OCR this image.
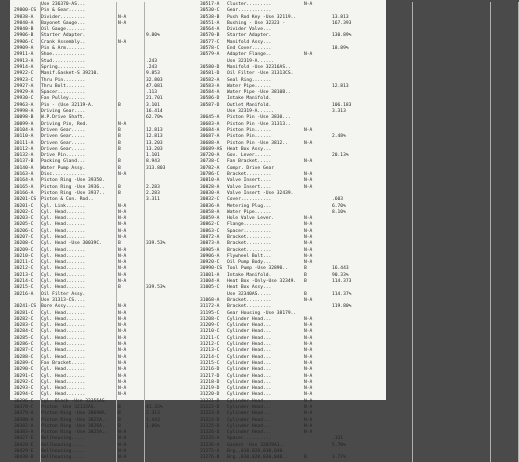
Use 236370-AS...
29800-CS Pin & Gear......
29838-A Divider.........	N-A
29840-A Bayonet Gauge...	N-A
29840-B Oil Gauge.......
29906-B Starter Adapter.	9.80%
29906-C Crank Assembly..	N-A
29909-A Pin & Arm.......
29911-A Shoe............
29913-A Stud............	.243
29914-A Spring..........	.243
29922-C Manif.Gasket-S 39210.	9.853
29923-C Thru Pin........	32.803
29927-A Thru Bolt.......	47.081
29929-A Spacer..........	.113
29930-C Fan Pulley......	21.701
29963-A Pin - (Use 32119-A.	B	3.101
29998-A Driving Gear....	16.414
30098-B W.P.Drive Shaft.	62.70%
30099-A Driving Pin, Red.	N-A
30104-A Driven Gear.....	B	12.813
30110-A Driven Gear.....	B	12.813
30111-A Driven Gear.....	B	13.203
30112-A Driven Gear.....	B	13.203
30132-A Drive Pin.......	1.101
30137-B Packing Gland...	B	8.943
30140-A Water Pump Assy.	B	313.803
30163-A Disc............	N-A
30164-A Piston Ring -Use 39350.
30165-A Piston Ring -Use 3936..	B	2.283
30166-A Piston Ring -Use 3937..	B	2.283
30201-CS Piston & Con. Rod..	3.311
30201-C Cyl. Link.......	N-A
30202-C Cyl. Head.......	N-A
30203-C Cyl. Head.......	N-A
30205-C Cyl. Head.......	N-A
30206-C Cyl. Head.......	N-A
30207-C Cyl. Head.......	N-A
30208-C Cyl. Head -Use 30039C.	B	339.53%
30209-C Cyl. Head.......	N-A
30210-C Cyl. Head.......	N-A
30211-C Cyl. Head.......	N-A
30212-C Cyl. Head.......	N-A
30213-C Cyl. Head.......	N-A
30214-C Cyl. Head.......	N-A
30215-C Cyl. Head.......	B	339.53%
30216-A Oil Filter Assy.
Use 31313-CS....
30241-CS Bore Assy.......	N-A
30281-C Cyl. Head.......	N-A
30282-C Cyl. Head.......	N-A
30283-C Cyl. Head.......	N-A
30284-C Cyl. Head.......	N-A
30285-C Cyl. Head.......	N-A
30286-C Cyl. Head.......	N-A
30287-C Cyl. Head.......	N-A
30288-C Cyl. Head.......	N-A
30289-C Fan Bracket.....	N-A
30290-C Cyl. Head.......	N-A
30291-C Cyl. Head.......	N-A
30292-C Cyl. Head.......	N-A
30293-C Cyl. Head.......	N-A
30294-C Cyl. Head.......	N-A
30296-C Cyl. Block -Use 32355AS.
30378-C Piston -Use 32132AS.	B	41.32%
30379-A Piston Ring -Use 38690A. B	2.313
30380-A Piston Ring -Use 3825A.. B	1.443
30382-A Piston Ring -Use 3826A.. B	1.06%
30383-A Piston Ring -Use 3825A.. N-A
30427-E Bellhousing.....	N-A
30428-E Bellhousing.....	N-A
30429-E Bellhousing.....	N-A
30430-D Bellhousing.....	N-A
30517-A Cluster.........	N-A
30530-C Gear............
30538-B Push Rod Key -Use 32119..	13.813
30551-A Bushing - Use 32323 -	167.393
30564-A Divider Valve...
30570-B Starter Adapter.	130.89%
30577-C Manifold Assy...
30578-C End Cover.......	18.89%
30579-A Adapter Flange..	N-A
Use 32319-A......
30580-D Manifold -Use 32316AS..
30581-D Oil Filter -Use 31313CS.
30582-A Seal Ring.......
30583-A Water Pipe......	12.813
30584-A Water Pipe -Use 3810B..
30586-D Intake Manifold.
30587-D Outlet Manifold.	106.183
Use 32319-A......	3.313
30645-A Piston Pin -Use 3830...
30683-A Piston Pin -Use 31313..
30684-A Piston Pin......	N-A
30687-A Piston Pin......	2.48%
30688-A Piston Pin -Use 3812..	N-A
30689-AS Heat Box Assy...
30720-A Gov. Lever......	20.13%
30738-C Fan Bracket.....	N-A
30782-A Compr. Drive Gear
30786-C Bracket.........	N-A
30810-A Valve Insert....	N-A
30828-A Valve Insert....	N-A
30830-A Valve Insert -Use 32439.
30832-C Cover...........	.603
30836-A Metering Plug...	6.70%
30858-A Water Pipe......	8.10%
30859-A Hole Valve Lever.	N-A
30862-C Flange..........	N-A
30863-C Spacer..........	N-A
30872-A Bracket.........	N-A
30873-A Bracket.........	N-A
30905-A Bracket.........	N-A
30906-A Flywheel Bolt...	N-A
30920-C Oil Pump Body...	N-A
30990-CS Tool Pump -Use 32890..	B	16.443
31001-A Intake Manifold.	B	90.33%
31004-A Heat Box -Only-Use 32349. B	114.373
31005-C Heat Box Assy...
Use 32340AS.....	B	114.37%
31068-A Bracket.........	N-A
31172-A Bracket.........	119.80%
31195-C Gear Housing -Use 38179..
31208-C Cylinder Head...	N-A
31209-C Cylinder Head...	N-A
31210-C Cylinder Head...	N-A
31211-C Cylinder Head...	N-A
31212-C Cylinder Head...	N-A
31213-C Cylinder Head...	N-A
31214-C Cylinder Head...	N-A
31215-C Cylinder Head...	N-A
31216-D Cylinder Head...	N-A
31217-D Cylinder Head...	N-A
31218-D Cylinder Head...	N-A
31219-D Cylinder Head...	N-A
31220-D Cylinder Head...	N-A
31221-D Cylinder Head...	N-A
31222-D Cylinder Head...	N-A
31223-D Cylinder Head...	N-A
31224-D Cylinder Head...	N-A
31225-D Cylinder Head...	N-A
31226-D Cylinder Head...	N-A
31235-A Spacer..........	.131
31236-A Gasket -Use 32078A1..	5.70%
31275-A Brg.,010,020,030,040.
31276-B Brg.,010,020,030,040..	B	3.77%
